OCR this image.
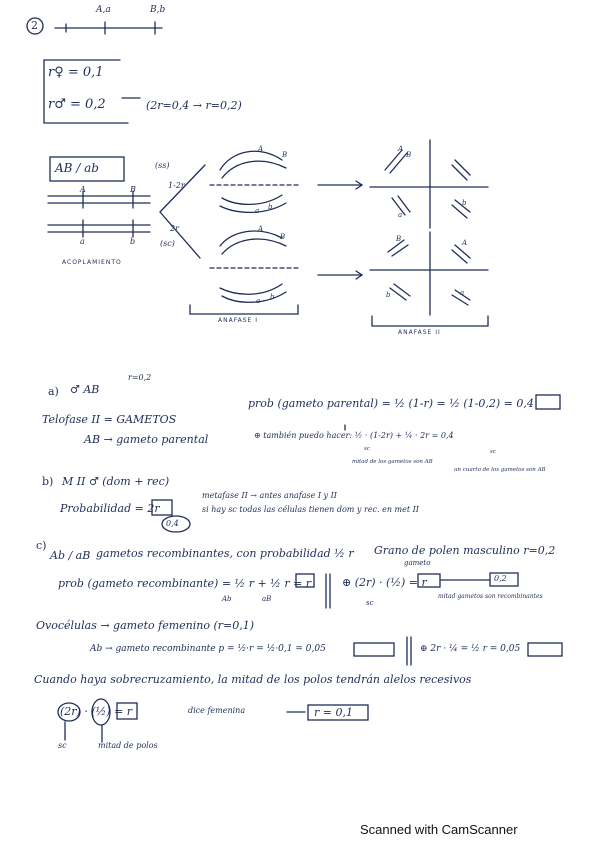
2
A,a	B,b
r♀ = 0,1
r♂ = 0,2	(2r=0,4 → r=0,2)
AB / ab
A	B
a	b
ACOPLAMIENTO
(ss)
1-2r
2r
(sc)
A
B
a b
A
B
a b
ANAFASE I
A
B
a
b
B	A
b	a
ANAFASE II
a) ♂ AB
r=0,2
Telofase II = GAMETOS
AB → gameto parental
prob (gameto parental) = ½ (1-r) = ½ (1-0,2) = 0,4
⊕ también puedo hacer: ½ · (1-2r) + ¼ · 2r = 0,4
mitad de los gametos son AB
sc
un cuarto de los gametos son AB
sc
b) M II ♂ (dom + rec)
Probabilidad = 2r
0,4
metafase II → antes anafase I y II
si hay sc todas las células tienen dom y rec. en met II
c)
Ab / aB gametos recombinantes, con probabilidad ½ r Grano de polen masculino r=0,2
gameto
prob (gameto recombinante) = ½ r + ½ r = r
Ab	aB
⊕ (2r) · (½) = r	0,2
sc
mitad gametos son recombinantes
Ovocélulas → gameto femenino (r=0,1)
Ab → gameto recombinante p = ½·r = ½·0,1 = 0,05	⊕ 2r · ¼ = ½ r = 0,05
Cuando haya sobrecruzamiento, la mitad de los polos tendrán alelos recesivos
(2r) · (½) = r
sc	mitad de polos
dice femenina	r = 0,1
Scanned with CamScanner
